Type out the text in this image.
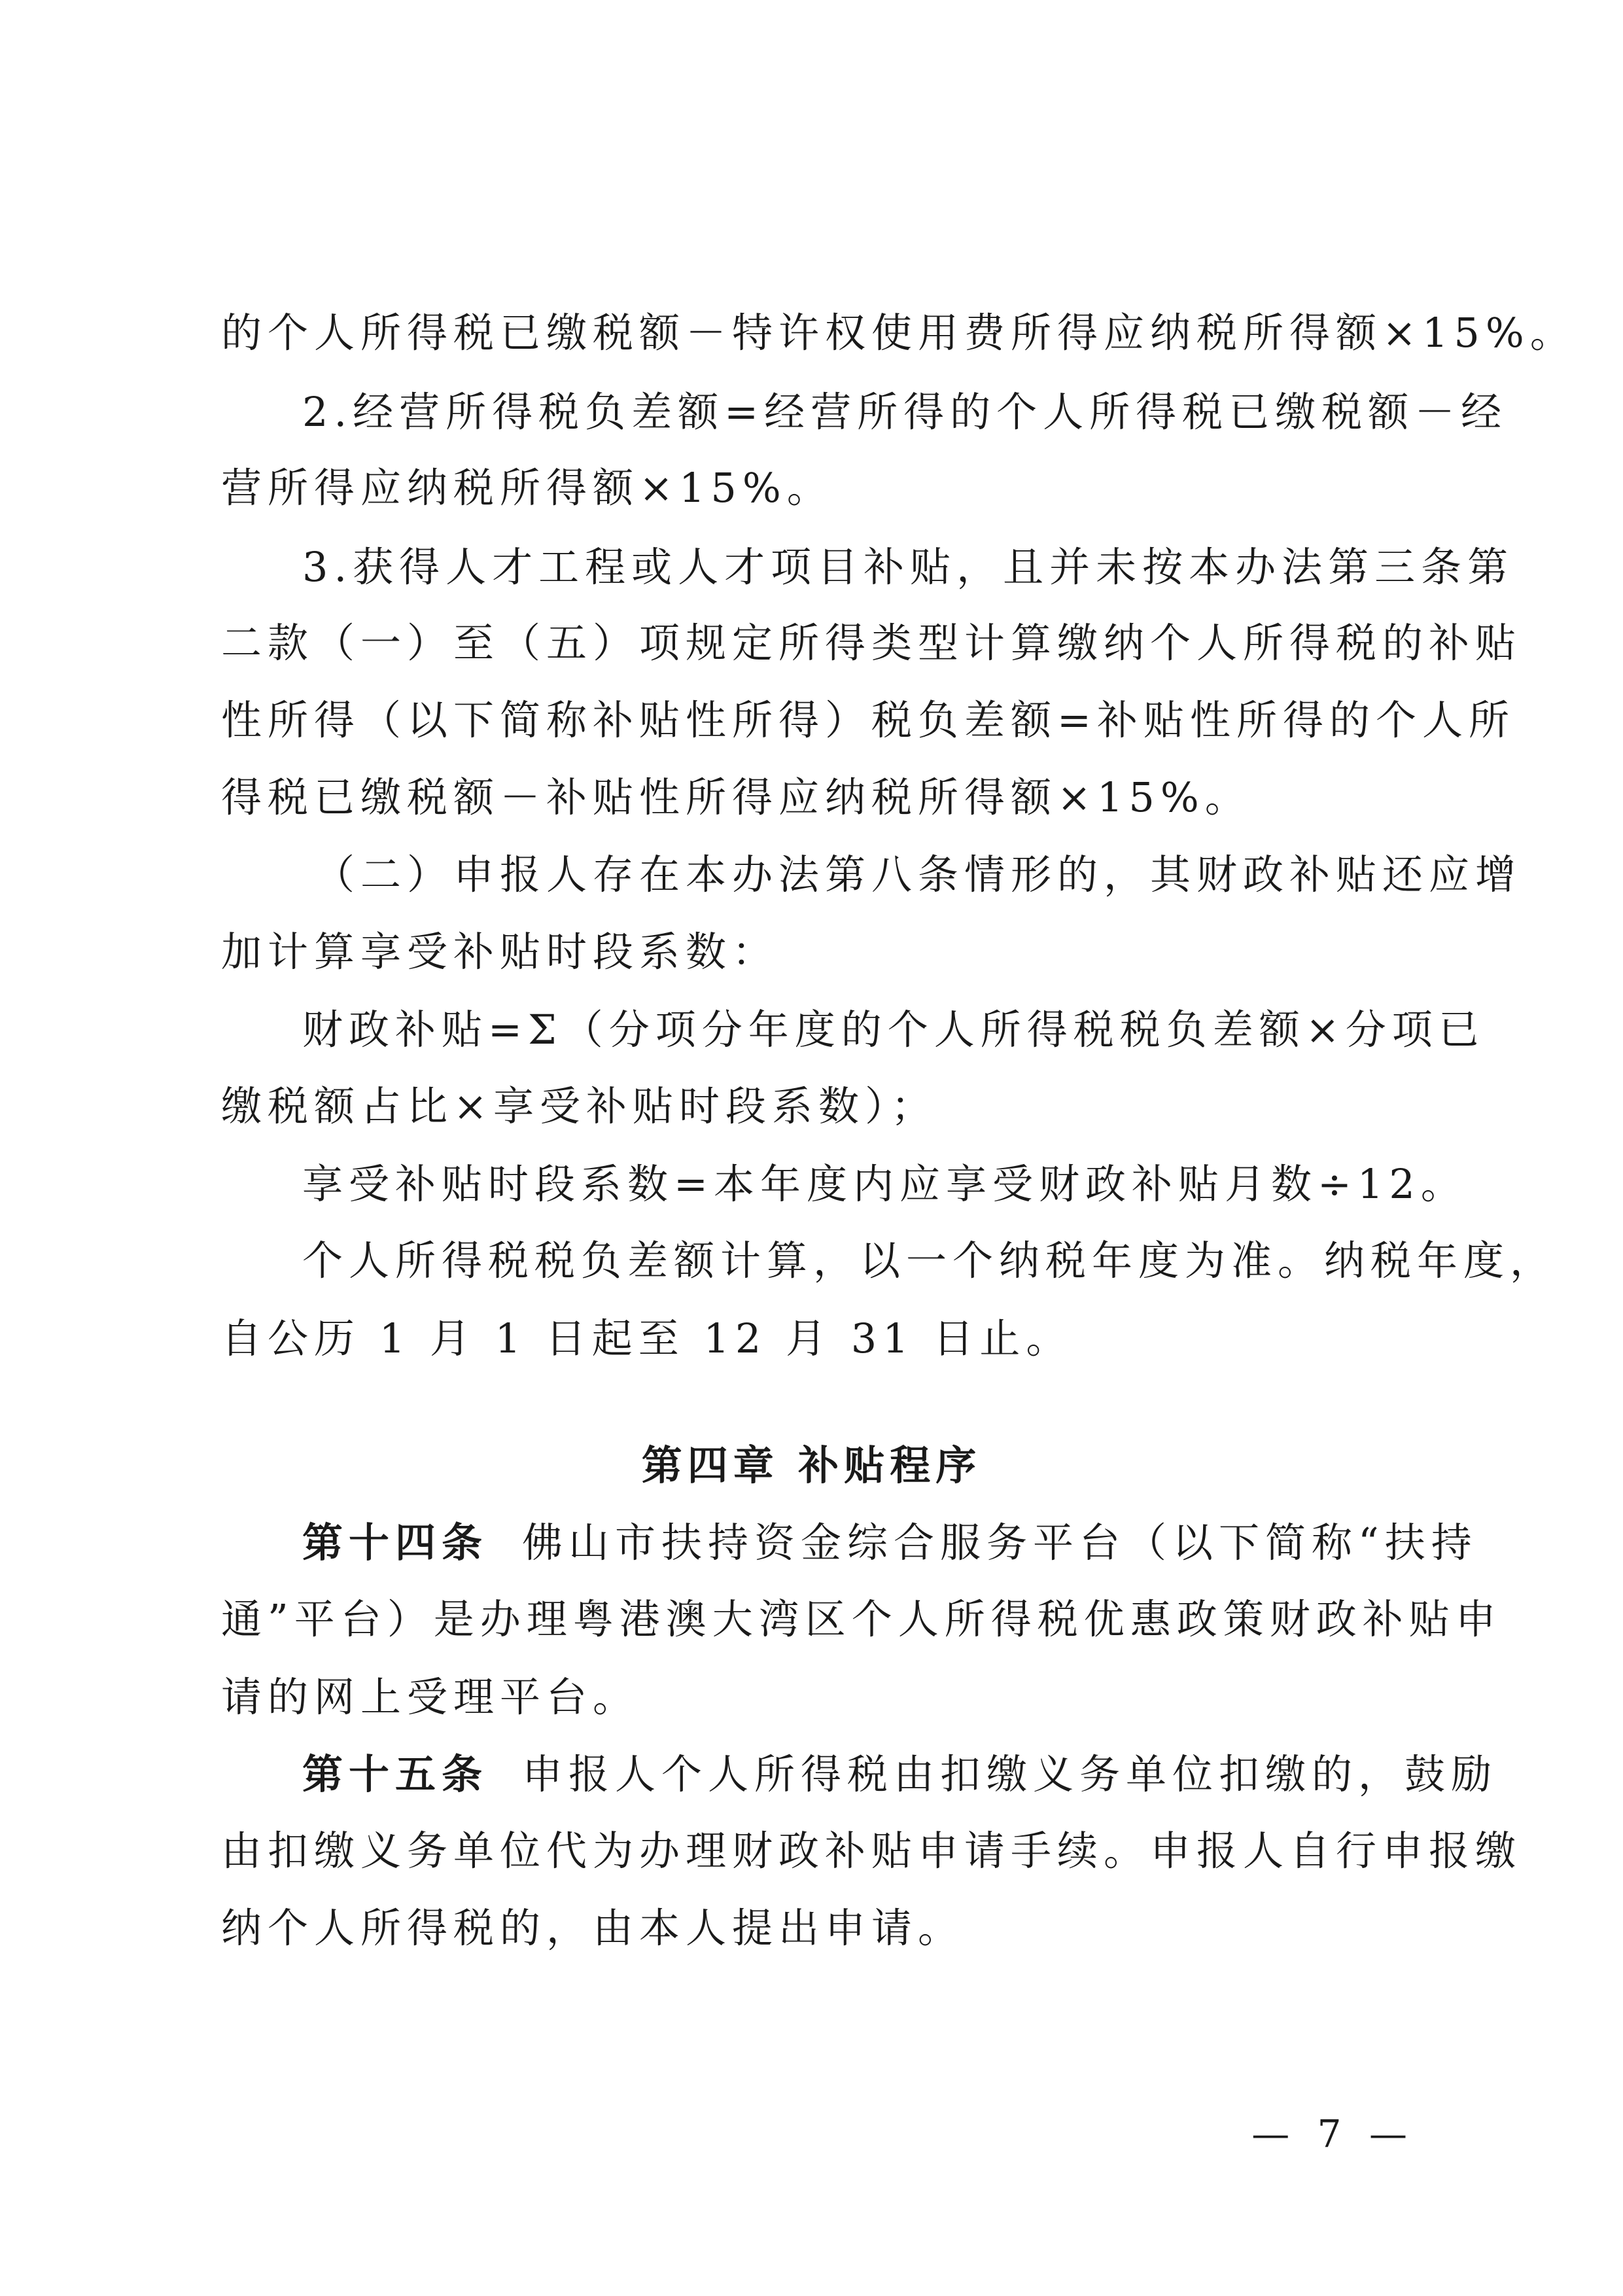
的个人所得税已缴税额－特许权使用费所得应纳税所得额×15%。
2.经营所得税负差额=经营所得的个人所得税已缴税额－经
营所得应纳税所得额×15%。
3.获得人才工程或人才项目补贴，且并未按本办法第三条第
二款（一）至（五）项规定所得类型计算缴纳个人所得税的补贴
性所得（以下简称补贴性所得）税负差额=补贴性所得的个人所
得税已缴税额－补贴性所得应纳税所得额×15%。
（二）申报人存在本办法第八条情形的，其财政补贴还应增
加计算享受补贴时段系数：
财政补贴=Σ（分项分年度的个人所得税税负差额×分项已
缴税额占比×享受补贴时段系数）；
享受补贴时段系数=本年度内应享受财政补贴月数÷12。
个人所得税税负差额计算，以一个纳税年度为准。纳税年度，
自公历 1 月 1 日起至 12 月 31 日止。
第四章 补贴程序
第十四条 佛山市扶持资金综合服务平台（以下简称“扶持
通”平台）是办理粤港澳大湾区个人所得税优惠政策财政补贴申
请的网上受理平台。
第十五条 申报人个人所得税由扣缴义务单位扣缴的，鼓励
由扣缴义务单位代为办理财政补贴申请手续。申报人自行申报缴
纳个人所得税的，由本人提出申请。
— 7 —
